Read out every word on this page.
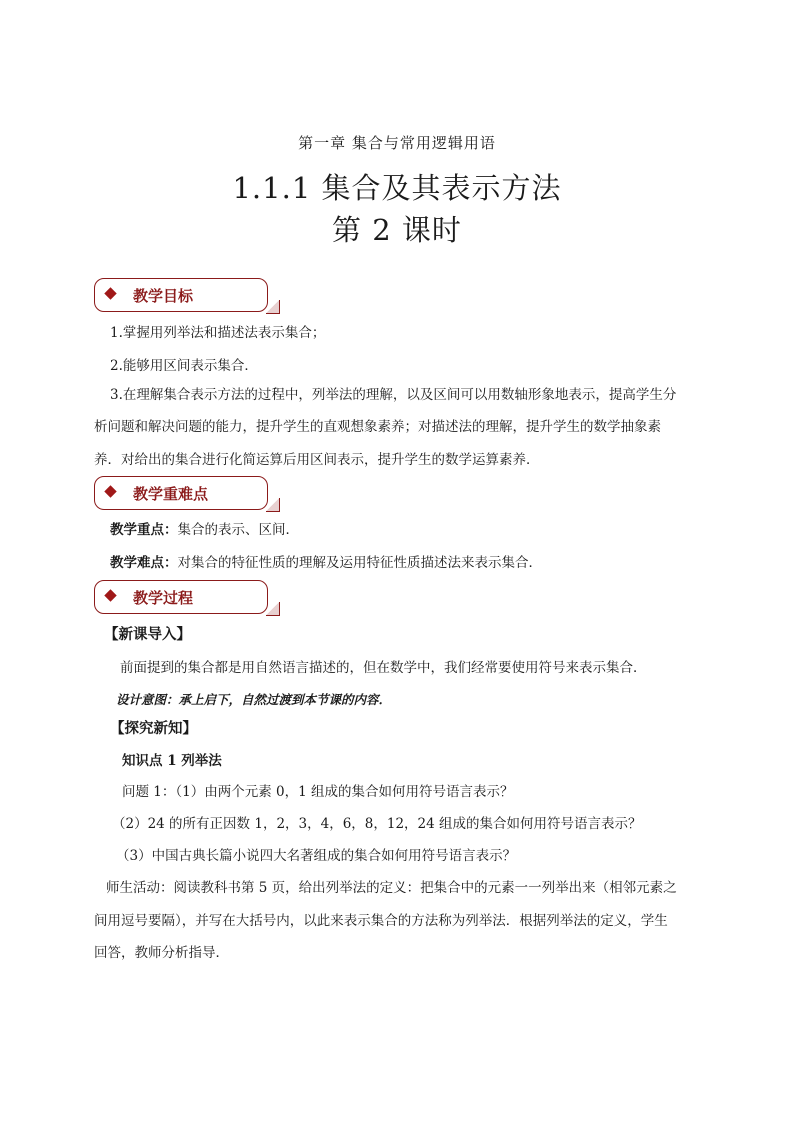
第一章 集合与常用逻辑用语
1.1.1 集合及其表示方法
第 2 课时
教学目标
1.掌握用列举法和描述法表示集合；
2.能够用区间表示集合．
3.在理解集合表示方法的过程中，列举法的理解，以及区间可以用数轴形象地表示，提高学生分
析问题和解决问题的能力，提升学生的直观想象素养；对描述法的理解，提升学生的数学抽象素
养．对给出的集合进行化简运算后用区间表示，提升学生的数学运算素养．
教学重难点
教学重点：集合的表示、区间．
教学难点：对集合的特征性质的理解及运用特征性质描述法来表示集合．
教学过程
【新课导入】
前面提到的集合都是用自然语言描述的，但在数学中，我们经常要使用符号来表示集合．
设计意图：承上启下，自然过渡到本节课的内容．
【探究新知】
知识点 1 列举法
问题 1：（1）由两个元素 0，1 组成的集合如何用符号语言表示？
（2）24 的所有正因数 1，2，3，4，6，8，12，24 组成的集合如何用符号语言表示？
（3）中国古典长篇小说四大名著组成的集合如何用符号语言表示？
师生活动：阅读教科书第 5 页，给出列举法的定义：把集合中的元素一一列举出来（相邻元素之
间用逗号要隔），并写在大括号内，以此来表示集合的方法称为列举法．根据列举法的定义，学生
回答，教师分析指导．
